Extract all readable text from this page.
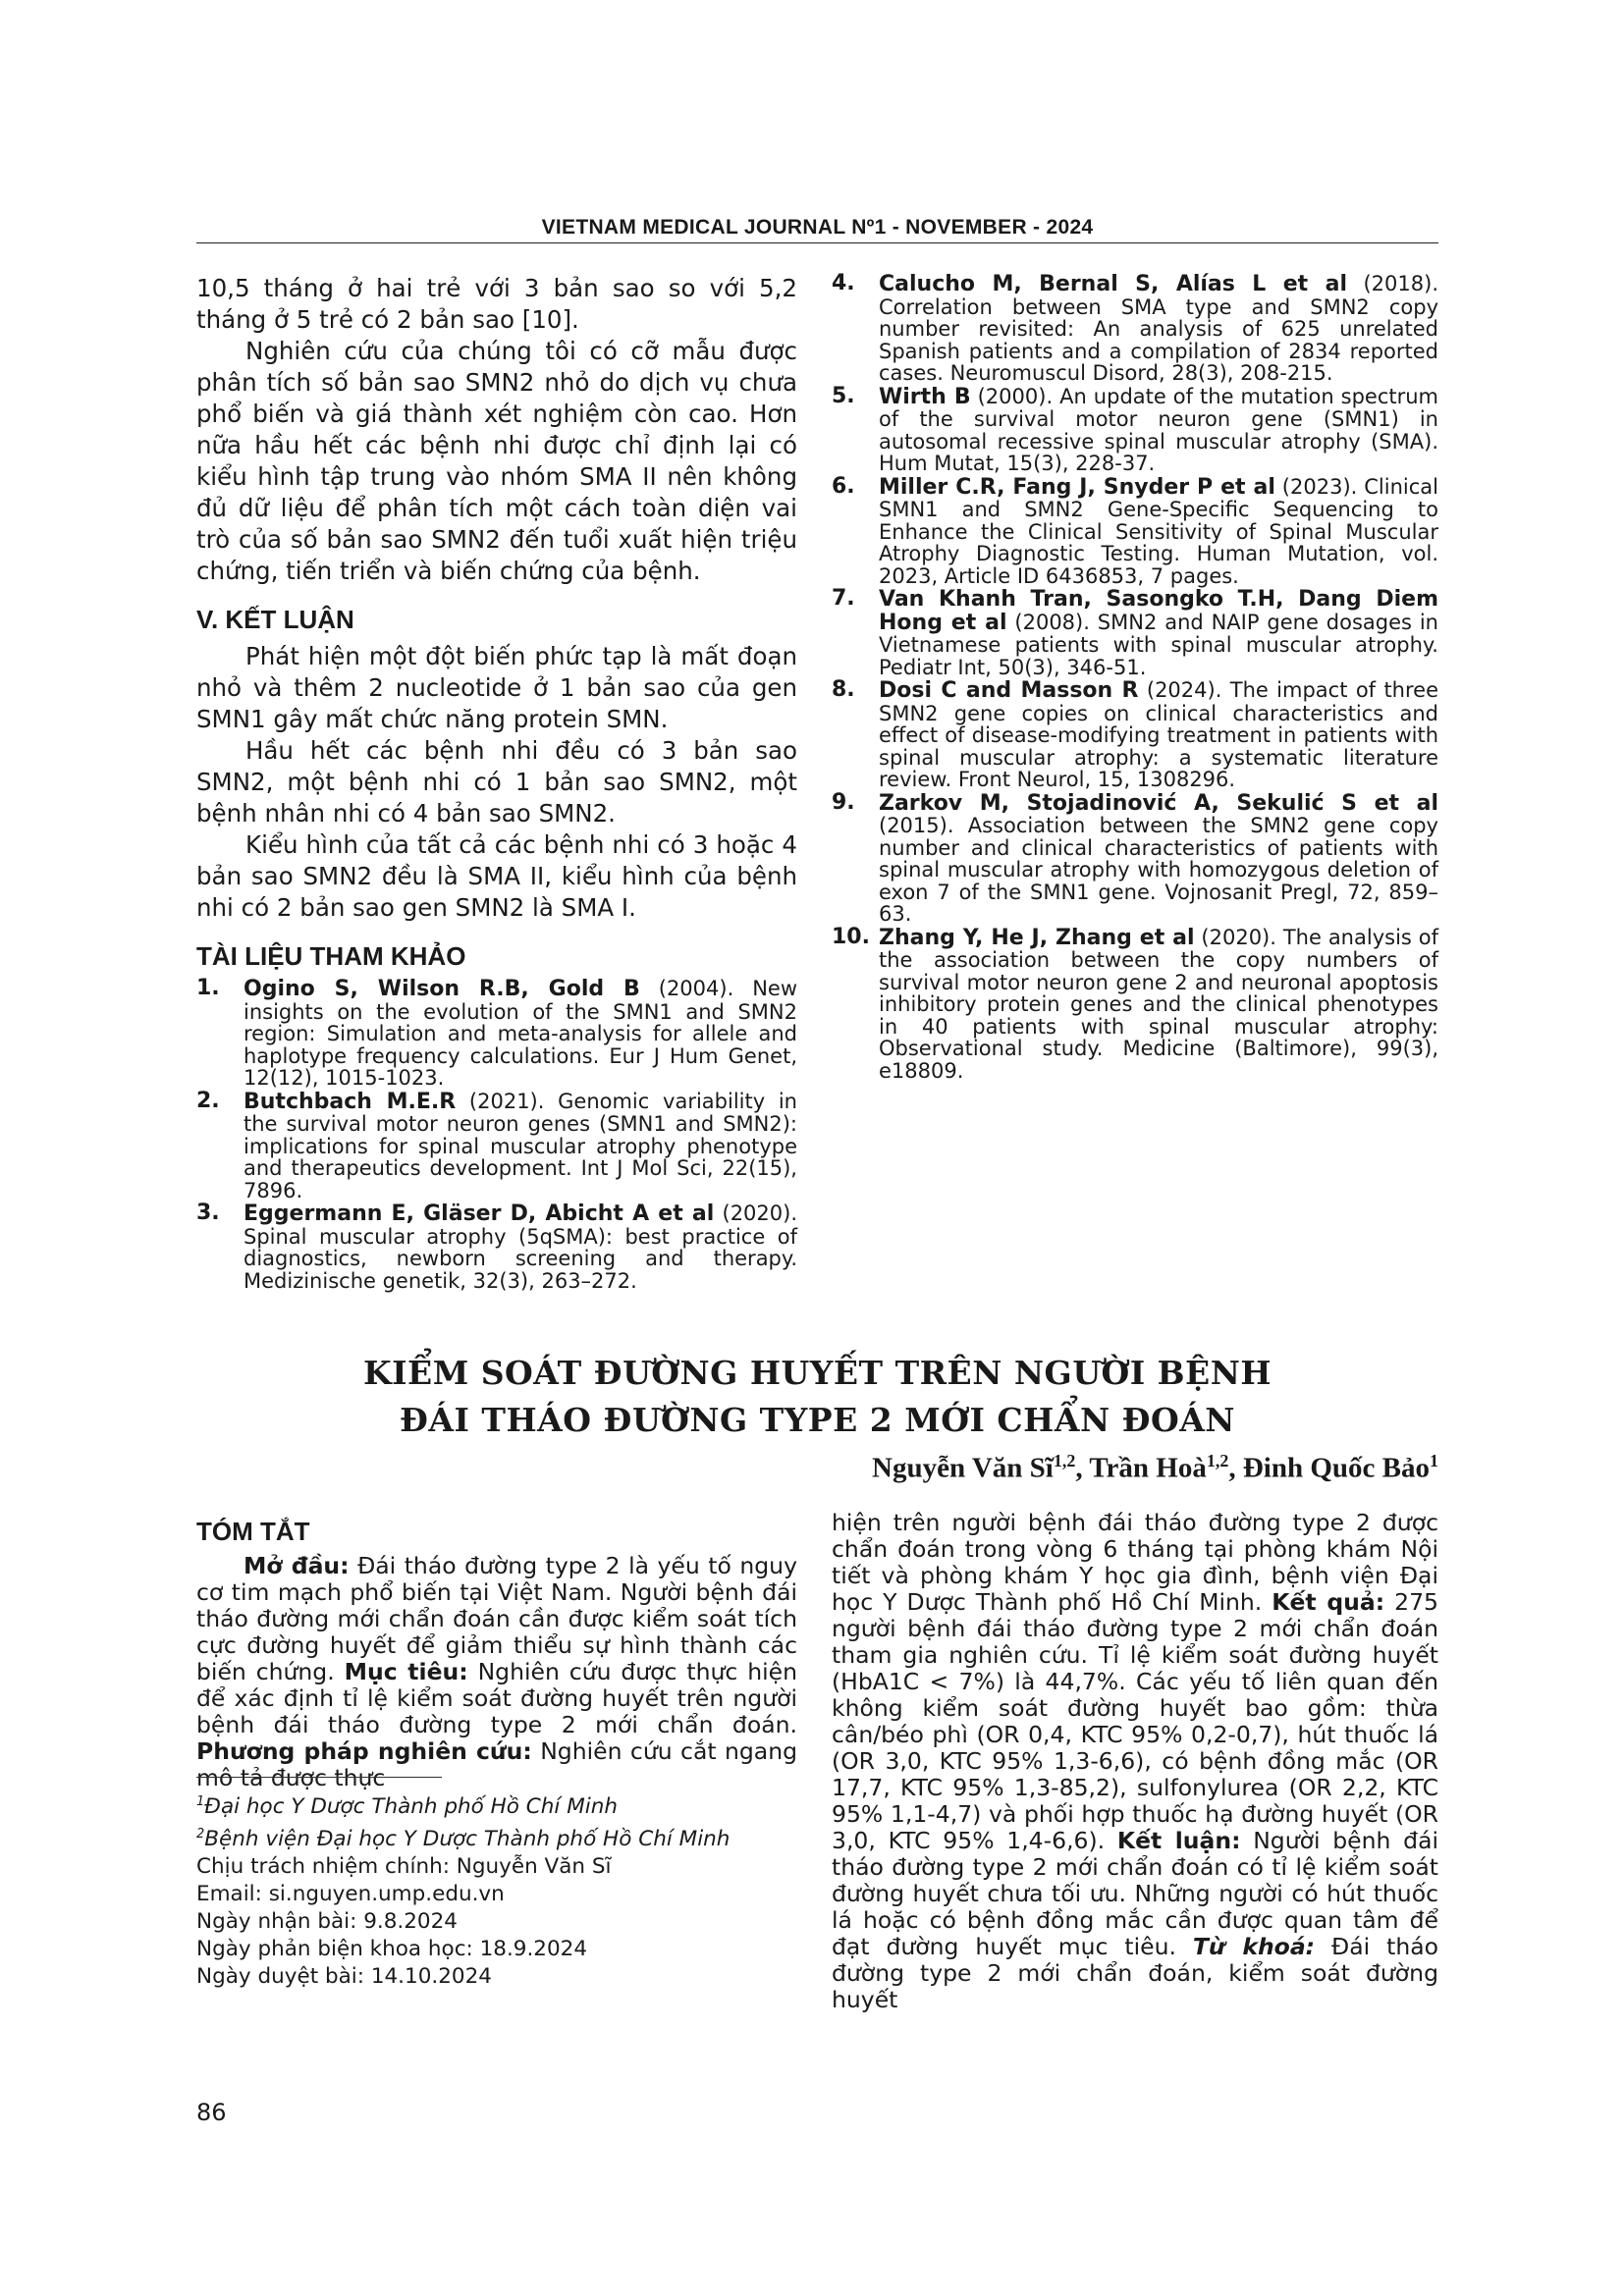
VIETNAM MEDICAL JOURNAL Nº1 - NOVEMBER - 2024

10,5 tháng ở hai trẻ với 3 bản sao so với 5,2 tháng ở 5 trẻ có 2 bản sao [10].

Nghiên cứu của chúng tôi có cỡ mẫu được phân tích số bản sao SMN2 nhỏ do dịch vụ chưa phổ biến và giá thành xét nghiệm còn cao. Hơn nữa hầu hết các bệnh nhi được chỉ định lại có kiểu hình tập trung vào nhóm SMA II nên không đủ dữ liệu để phân tích một cách toàn diện vai trò của số bản sao SMN2 đến tuổi xuất hiện triệu chứng, tiến triển và biến chứng của bệnh.

V. KẾT LUẬN

Phát hiện một đột biến phức tạp là mất đoạn nhỏ và thêm 2 nucleotide ở 1 bản sao của gen SMN1 gây mất chức năng protein SMN.

Hầu hết các bệnh nhi đều có 3 bản sao SMN2, một bệnh nhi có 1 bản sao SMN2, một bệnh nhân nhi có 4 bản sao SMN2.

Kiểu hình của tất cả các bệnh nhi có 3 hoặc 4 bản sao SMN2 đều là SMA II, kiểu hình của bệnh nhi có 2 bản sao gen SMN2 là SMA I.

TÀI LIỆU THAM KHẢO
1. Ogino S, Wilson R.B, Gold B (2004). New insights on the evolution of the SMN1 and SMN2 region: Simulation and meta-analysis for allele and haplotype frequency calculations. Eur J Hum Genet, 12(12), 1015-1023.
2. Butchbach M.E.R (2021). Genomic variability in the survival motor neuron genes (SMN1 and SMN2): implications for spinal muscular atrophy phenotype and therapeutics development. Int J Mol Sci, 22(15), 7896.
3. Eggermann E, Gläser D, Abicht A et al (2020). Spinal muscular atrophy (5qSMA): best practice of diagnostics, newborn screening and therapy. Medizinische genetik, 32(3), 263–272.
4. Calucho M, Bernal S, Alías L et al (2018). Correlation between SMA type and SMN2 copy number revisited: An analysis of 625 unrelated Spanish patients and a compilation of 2834 reported cases. Neuromuscul Disord, 28(3), 208-215.
5. Wirth B (2000). An update of the mutation spectrum of the survival motor neuron gene (SMN1) in autosomal recessive spinal muscular atrophy (SMA). Hum Mutat, 15(3), 228-37.
6. Miller C.R, Fang J, Snyder P et al (2023). Clinical SMN1 and SMN2 Gene-Specific Sequencing to Enhance the Clinical Sensitivity of Spinal Muscular Atrophy Diagnostic Testing. Human Mutation, vol. 2023, Article ID 6436853, 7 pages.
7. Van Khanh Tran, Sasongko T.H, Dang Diem Hong et al (2008). SMN2 and NAIP gene dosages in Vietnamese patients with spinal muscular atrophy. Pediatr Int, 50(3), 346-51.
8. Dosi C and Masson R (2024). The impact of three SMN2 gene copies on clinical characteristics and effect of disease-modifying treatment in patients with spinal muscular atrophy: a systematic literature review. Front Neurol, 15, 1308296.
9. Zarkov M, Stojadinović A, Sekulić S et al (2015). Association between the SMN2 gene copy number and clinical characteristics of patients with spinal muscular atrophy with homozygous deletion of exon 7 of the SMN1 gene. Vojnosanit Pregl, 72, 859–63.
10. Zhang Y, He J, Zhang et al (2020). The analysis of the association between the copy numbers of survival motor neuron gene 2 and neuronal apoptosis inhibitory protein genes and the clinical phenotypes in 40 patients with spinal muscular atrophy: Observational study. Medicine (Baltimore), 99(3), e18809.
KIỂM SOÁT ĐƯỜNG HUYẾT TRÊN NGƯỜI BỆNH
ĐÁI THÁO ĐƯỜNG TYPE 2 MỚI CHẨN ĐOÁN
Nguyễn Văn Sĩ$^{1,2}$, Trần Hoà$^{1,2}$, Đinh Quốc Bảo$^1$
TÓM TẮT

Mở đầu: Đái tháo đường type 2 là yếu tố nguy cơ tim mạch phổ biến tại Việt Nam. Người bệnh đái tháo đường mới chẩn đoán cần được kiểm soát tích cực đường huyết để giảm thiểu sự hình thành các biến chứng. Mục tiêu: Nghiên cứu được thực hiện để xác định tỉ lệ kiểm soát đường huyết trên người bệnh đái tháo đường type 2 mới chẩn đoán. Phương pháp nghiên cứu: Nghiên cứu cắt ngang mô tả được thực

$^1$Đại học Y Dược Thành phố Hồ Chí Minh

$^2$Bệnh viện Đại học Y Dược Thành phố Hồ Chí Minh

Chịu trách nhiệm chính: Nguyễn Văn Sĩ

Email: si.nguyen.ump.edu.vn

Ngày nhận bài: 9.8.2024

Ngày phản biện khoa học: 18.9.2024

Ngày duyệt bài: 14.10.2024

hiện trên người bệnh đái tháo đường type 2 được chẩn đoán trong vòng 6 tháng tại phòng khám Nội tiết và phòng khám Y học gia đình, bệnh viện Đại học Y Dược Thành phố Hồ Chí Minh. Kết quả: 275 người bệnh đái tháo đường type 2 mới chẩn đoán tham gia nghiên cứu. Tỉ lệ kiểm soát đường huyết (HbA1C < 7%) là 44,7%. Các yếu tố liên quan đến không kiểm soát đường huyết bao gồm: thừa cân/béo phì (OR 0,4, KTC 95% 0,2-0,7), hút thuốc lá (OR 3,0, KTC 95% 1,3-6,6), có bệnh đồng mắc (OR 17,7, KTC 95% 1,3-85,2), sulfonylurea (OR 2,2, KTC 95% 1,1-4,7) và phối hợp thuốc hạ đường huyết (OR 3,0, KTC 95% 1,4-6,6). Kết luận: Người bệnh đái tháo đường type 2 mới chẩn đoán có tỉ lệ kiểm soát đường huyết chưa tối ưu. Những người có hút thuốc lá hoặc có bệnh đồng mắc cần được quan tâm để đạt đường huyết mục tiêu. Từ khoá: Đái tháo đường type 2 mới chẩn đoán, kiểm soát đường huyết

86
